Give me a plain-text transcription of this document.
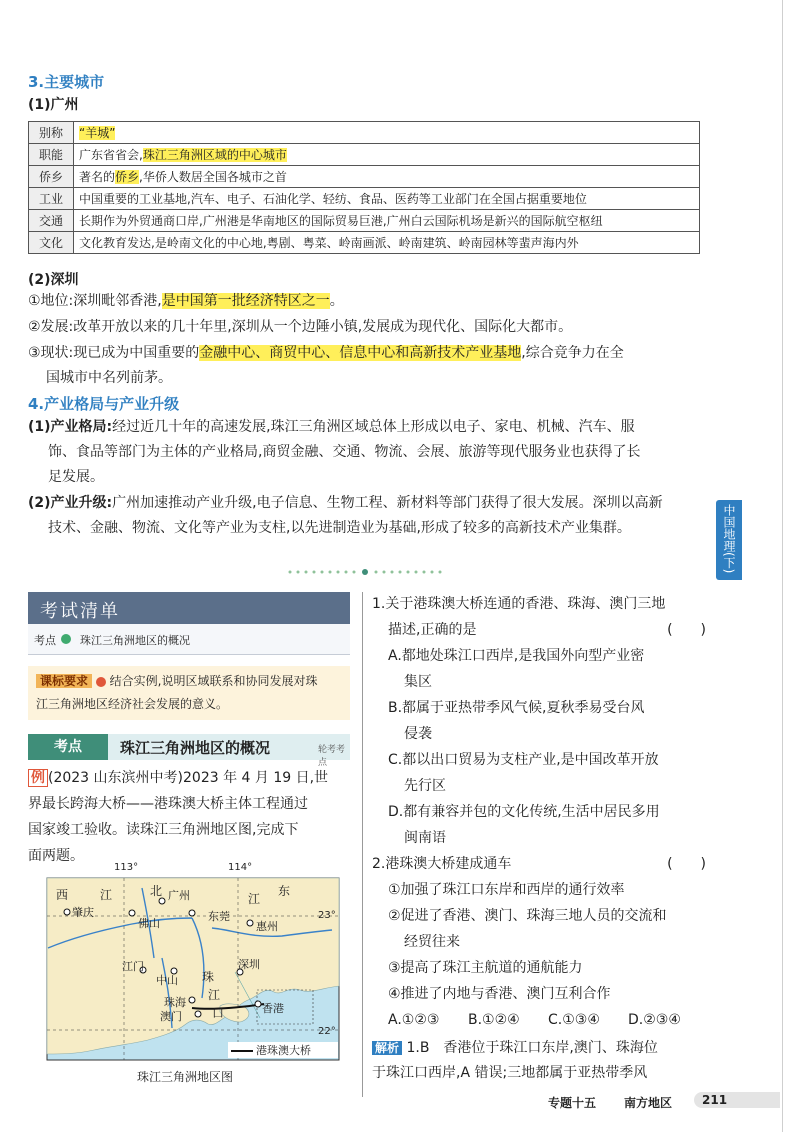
3.主要城市
(1)广州
别称	“羊城”
职能	广东省省会,珠江三角洲区域的中心城市
侨乡	著名的侨乡,华侨人数居全国各城市之首
工业	中国重要的工业基地,汽车、电子、石油化学、轻纺、食品、医药等工业部门在全国占据重要地位
交通	长期作为外贸通商口岸,广州港是华南地区的国际贸易巨港,广州白云国际机场是新兴的国际航空枢纽
文化	文化教育发达,是岭南文化的中心地,粤剧、粤菜、岭南画派、岭南建筑、岭南园林等蜚声海内外
(2)深圳
①地位:深圳毗邻香港,是中国第一批经济特区之一。
②发展:改革开放以来的几十年里,深圳从一个边陲小镇,发展成为现代化、国际化大都市。
③现状:现已成为中国重要的金融中心、商贸中心、信息中心和高新技术产业基地,综合竞争力在全
国城市中名列前茅。
4.产业格局与产业升级
(1)产业格局:经过近几十年的高速发展,珠江三角洲区域总体上形成以电子、家电、机械、汽车、服
饰、食品等部门为主体的产业格局,商贸金融、交通、物流、会展、旅游等现代服务业也获得了长
足发展。
(2)产业升级:广州加速推动产业升级,电子信息、生物工程、新材料等部门获得了很大发展。深圳以高新
技术、金融、物流、文化等产业为支柱,以先进制造业为基础,形成了较多的高新技术产业集群。	中国地理(下)
考试清单
考点 珠江三角洲地区的概况
课标要求 结合实例,说明区域联系和协同发展对珠
江三角洲地区经济社会发展的意义。
考点	珠江三角洲地区的概况	轮考考点
例 (2023 山东滨州中考)2023 年 4 月 19 日,世
界最长跨海大桥——港珠澳大桥主体工程通过
国家竣工验收。读珠江三角洲地区图,完成下
面两题。
113°	114°
23°
22°
广州
肇庆
佛山
东莞
惠州
江门
中山
深圳
珠海
澳门
香港
西	江	北
江
东
珠
江
口
港珠澳大桥
珠江三角洲地区图
1.关于港珠澳大桥连通的香港、珠海、澳门三地
描述,正确的是	(　　)
A.都地处珠江口西岸,是我国外向型产业密
集区
B.都属于亚热带季风气候,夏秋季易受台风
侵袭
C.都以出口贸易为支柱产业,是中国改革开放
先行区
D.都有兼容并包的文化传统,生活中居民多用
闽南语
2.港珠澳大桥建成通车	(　　)
①加强了珠江口东岸和西岸的通行效率
②促进了香港、澳门、珠海三地人员的交流和
经贸往来
③提高了珠江主航道的通航能力
④推进了内地与香港、澳门互利合作
A.①②③ B.①②④ C.①③④ D.②③④
解析 1.B　香港位于珠江口东岸,澳门、珠海位
于珠江口西岸,A 错误;三地都属于亚热带季风
专题十五 南方地区	211
